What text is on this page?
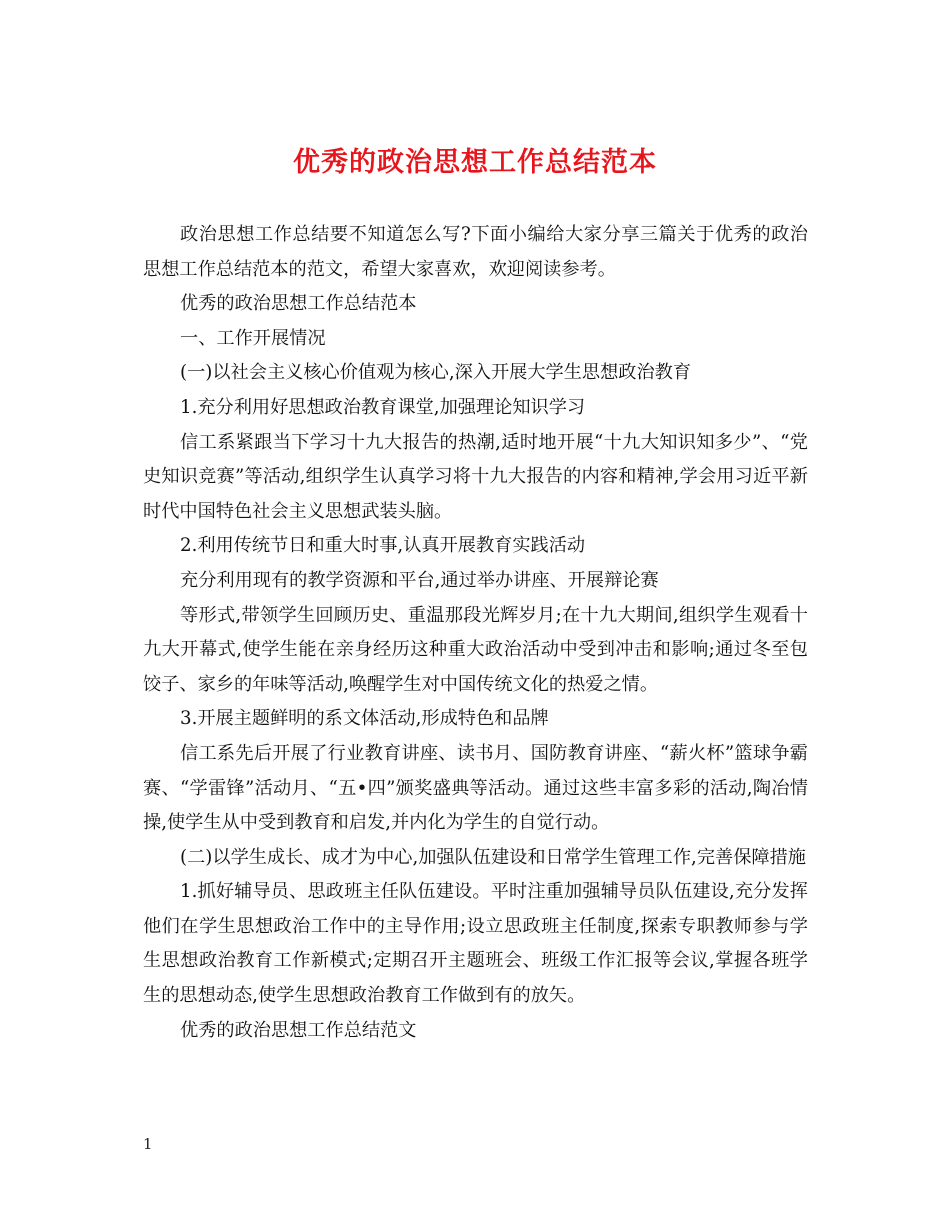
优秀的政治思想工作总结范本

政治思想工作总结要不知道怎么写?下面小编给大家分享三篇关于优秀的政治思想工作总结范本的范文，希望大家喜欢，欢迎阅读参考。

优秀的政治思想工作总结范本

一、工作开展情况

(一)以社会主义核心价值观为核心,深入开展大学生思想政治教育

1.充分利用好思想政治教育课堂,加强理论知识学习

信工系紧跟当下学习十九大报告的热潮,适时地开展“十九大知识知多少”、“党史知识竞赛”等活动,组织学生认真学习将十九大报告的内容和精神,学会用习近平新时代中国特色社会主义思想武装头脑。

2.利用传统节日和重大时事,认真开展教育实践活动

充分利用现有的教学资源和平台,通过举办讲座、开展辩论赛

等形式,带领学生回顾历史、重温那段光辉岁月;在十九大期间,组织学生观看十九大开幕式,使学生能在亲身经历这种重大政治活动中受到冲击和影响;通过冬至包饺子、家乡的年味等活动,唤醒学生对中国传统文化的热爱之情。

3.开展主题鲜明的系文体活动,形成特色和品牌

信工系先后开展了行业教育讲座、读书月、国防教育讲座、“薪火杯”篮球争霸赛、“学雷锋”活动月、“五•四”颁奖盛典等活动。通过这些丰富多彩的活动,陶冶情操,使学生从中受到教育和启发,并内化为学生的自觉行动。

(二)以学生成长、成才为中心,加强队伍建设和日常学生管理工作,完善保障措施

1.抓好辅导员、思政班主任队伍建设。平时注重加强辅导员队伍建设,充分发挥他们在学生思想政治工作中的主导作用;设立思政班主任制度,探索专职教师参与学生思想政治教育工作新模式;定期召开主题班会、班级工作汇报等会议,掌握各班学生的思想动态,使学生思想政治教育工作做到有的放矢。

优秀的政治思想工作总结范文

1
